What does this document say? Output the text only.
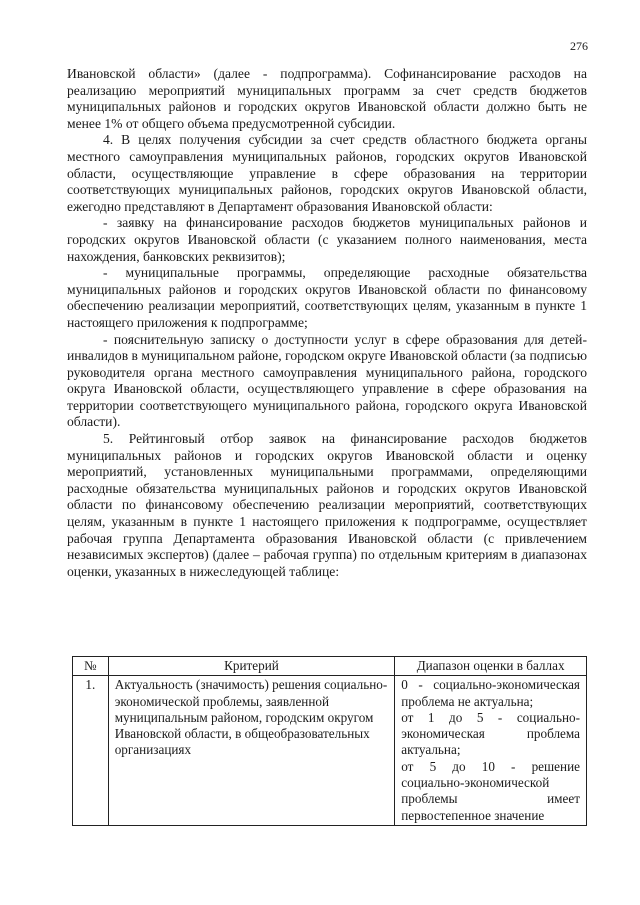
276

Ивановской области» (далее - подпрограмма). Софинансирование расходов на реализацию мероприятий муниципальных программ за счет средств бюджетов муниципальных районов и городских округов Ивановской области должно быть не менее 1% от общего объема предусмотренной субсидии.

4. В целях получения субсидии за счет средств областного бюджета органы местного самоуправления муниципальных районов, городских округов Ивановской области, осуществляющие управление в сфере образования на территории соответствующих муниципальных районов, городских округов Ивановской области, ежегодно представляют в Департамент образования Ивановской области:

- заявку на финансирование расходов бюджетов муниципальных районов и городских округов Ивановской области (с указанием полного наименования, места нахождения, банковских реквизитов);

- муниципальные программы, определяющие расходные обязательства муниципальных районов и городских округов Ивановской области по финансовому обеспечению реализации мероприятий, соответствующих целям, указанным в пункте 1 настоящего приложения к подпрограмме;

- пояснительную записку о доступности услуг в сфере образования для детей-инвалидов в муниципальном районе, городском округе Ивановской области (за подписью руководителя органа местного самоуправления муниципального района, городского округа Ивановской области, осуществляющего управление в сфере образования на территории соответствующего муниципального района, городского округа Ивановской области).

5. Рейтинговый отбор заявок на финансирование расходов бюджетов муниципальных районов и городских округов Ивановской области и оценку мероприятий, установленных муниципальными программами, определяющими расходные обязательства муниципальных районов и городских округов Ивановской области по финансовому обеспечению реализации мероприятий, соответствующих целям, указанным в пункте 1 настоящего приложения к подпрограмме, осуществляет рабочая группа Департамента образования Ивановской области (с привлечением независимых экспертов) (далее – рабочая группа) по отдельным критериям в диапазонах оценки, указанных в нижеследующей таблице:

№	Критерий	Диапазон оценки в баллах
1.	Актуальность (значимость) решения социально-экономической проблемы, заявленной муниципальным районом, городским округом Ивановской области, в общеобразовательных организациях	0 - социально-экономическая проблема не актуальна;

от 1 до 5 - социально-экономическая проблема актуальна;

от 5 до 10 - решение социально-экономической проблемы имеет первостепенное значение
